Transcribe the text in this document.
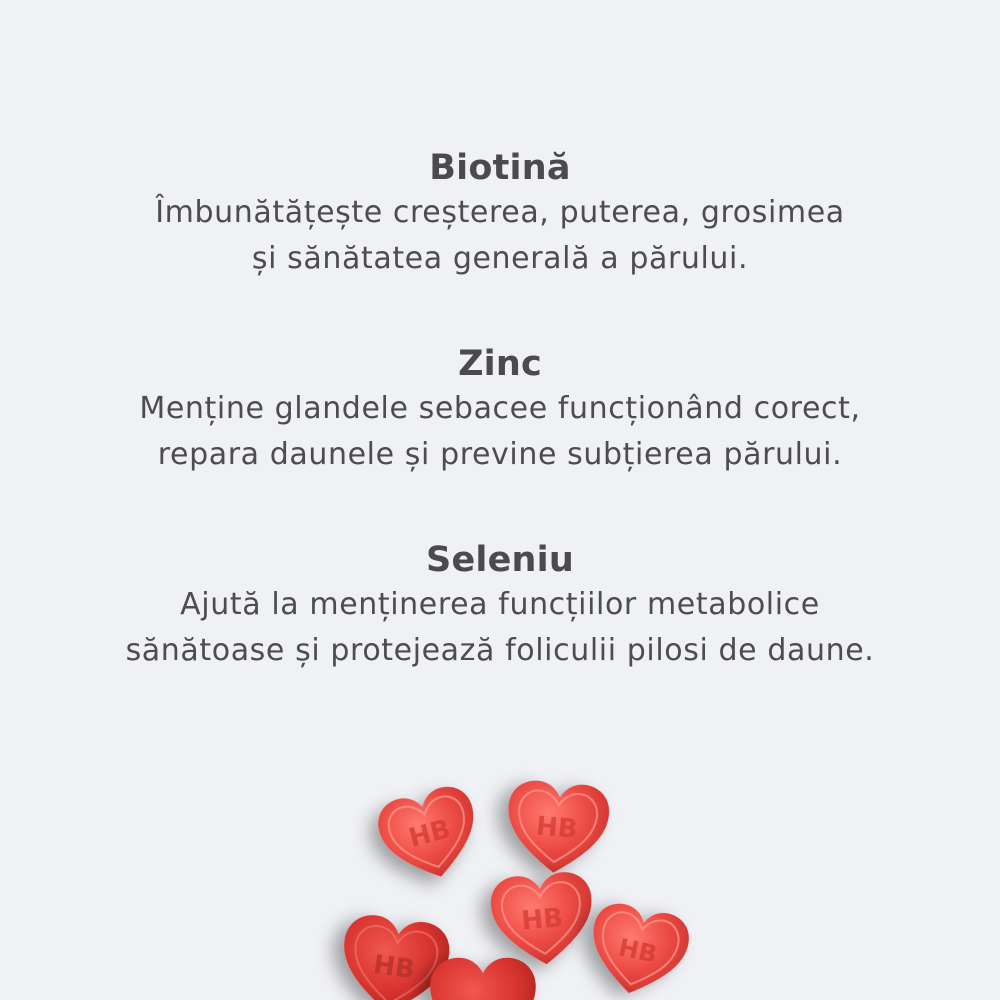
Biotină
Îmbunătățește creșterea, puterea, grosimea
și sănătatea generală a părului.
Zinc
Menține glandele sebacee funcționând corect,
repara daunele și previne subțierea părului.
Seleniu
Ajută la menținerea funcțiilor metabolice
sănătoase și protejează foliculii pilosi de daune.
HB	HB
HB
HB
HB
